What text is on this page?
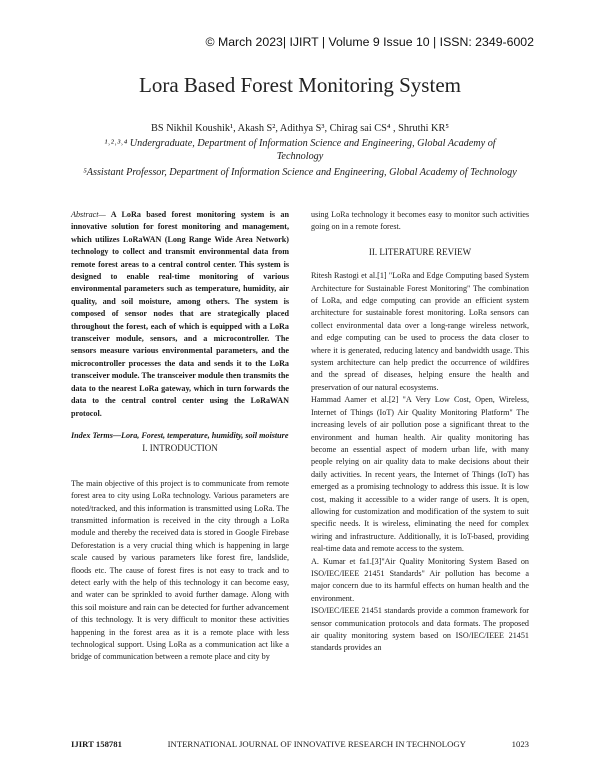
© March 2023| IJIRT | Volume 9 Issue 10 | ISSN: 2349-6002
Lora Based Forest Monitoring System
BS Nikhil Koushik¹, Akash S², Adithya S³, Chirag sai CS⁴ , Shruthi KR⁵
¹˒²˒³˒⁴ Undergraduate, Department of Information Science and Engineering, Global Academy of Technology
⁵Assistant Professor, Department of Information Science and Engineering, Global Academy of Technology

Abstract— A LoRa based forest monitoring system is an innovative solution for forest monitoring and management, which utilizes LoRaWAN (Long Range Wide Area Network) technology to collect and transmit environmental data from remote forest areas to a central control center. This system is designed to enable real-time monitoring of various environmental parameters such as temperature, humidity, air quality, and soil moisture, among others. The system is composed of sensor nodes that are strategically placed throughout the forest, each of which is equipped with a LoRa transceiver module, sensors, and a microcontroller. The sensors measure various environmental parameters, and the microcontroller processes the data and sends it to the LoRa transceiver module. The transceiver module then transmits the data to the nearest LoRa gateway, which in turn forwards the data to the central control center using the LoRaWAN protocol.

Index Terms—Lora, Forest, temperature, humidity, soil moisture

I. INTRODUCTION

The main objective of this project is to communicate from remote forest area to city using LoRa technology. Various parameters are noted/tracked, and this information is transmitted using LoRa. The transmitted information is received in the city through a LoRa module and thereby the received data is stored in Google Firebase Deforestation is a very crucial thing which is happening in large scale caused by various parameters like forest fire, landslide, floods etc. The cause of forest fires is not easy to track and to detect early with the help of this technology it can become easy, and water can be sprinkled to avoid further damage. Along with this soil moisture and rain can be detected for further advancement of this technology. It is very difficult to monitor these activities happening in the forest area as it is a remote place with less technological support. Using LoRa as a communication act like a bridge of communication between a remote place and city by

using LoRa technology it becomes easy to monitor such activities going on in a remote forest.

II. LITERATURE REVIEW

Ritesh Rastogi et al.[1] "LoRa and Edge Computing based System Architecture for Sustainable Forest Monitoring" The combination of LoRa, and edge computing can provide an efficient system architecture for sustainable forest monitoring. LoRa sensors can collect environmental data over a long-range wireless network, and edge computing can be used to process the data closer to where it is generated, reducing latency and bandwidth usage. This system architecture can help predict the occurrence of wildfires and the spread of diseases, helping ensure the health and preservation of our natural ecosystems.

Hammad Aamer et al.[2] "A Very Low Cost, Open, Wireless, Internet of Things (IoT) Air Quality Monitoring Platform" The increasing levels of air pollution pose a significant threat to the environment and human health. Air quality monitoring has become an essential aspect of modern urban life, with many people relying on air quality data to make decisions about their daily activities. In recent years, the Internet of Things (IoT) has emerged as a promising technology to address this issue. It is low cost, making it accessible to a wider range of users. It is open, allowing for customization and modification of the system to suit specific needs. It is wireless, eliminating the need for complex wiring and infrastructure. Additionally, it is IoT-based, providing real-time data and remote access to the system.

A. Kumar et fa1.[3]"Air Quality Monitoring System Based on ISO/IEC/IEEE 21451 Standards" Air pollution has become a major concern due to its harmful effects on human health and the environment.

ISO/IEC/IEEE 21451 standards provide a common framework for sensor communication protocols and data formats. The proposed air quality monitoring system based on ISO/IEC/IEEE 21451 standards provides an

IJIRT 158781	INTERNATIONAL JOURNAL OF INNOVATIVE RESEARCH IN TECHNOLOGY	1023
